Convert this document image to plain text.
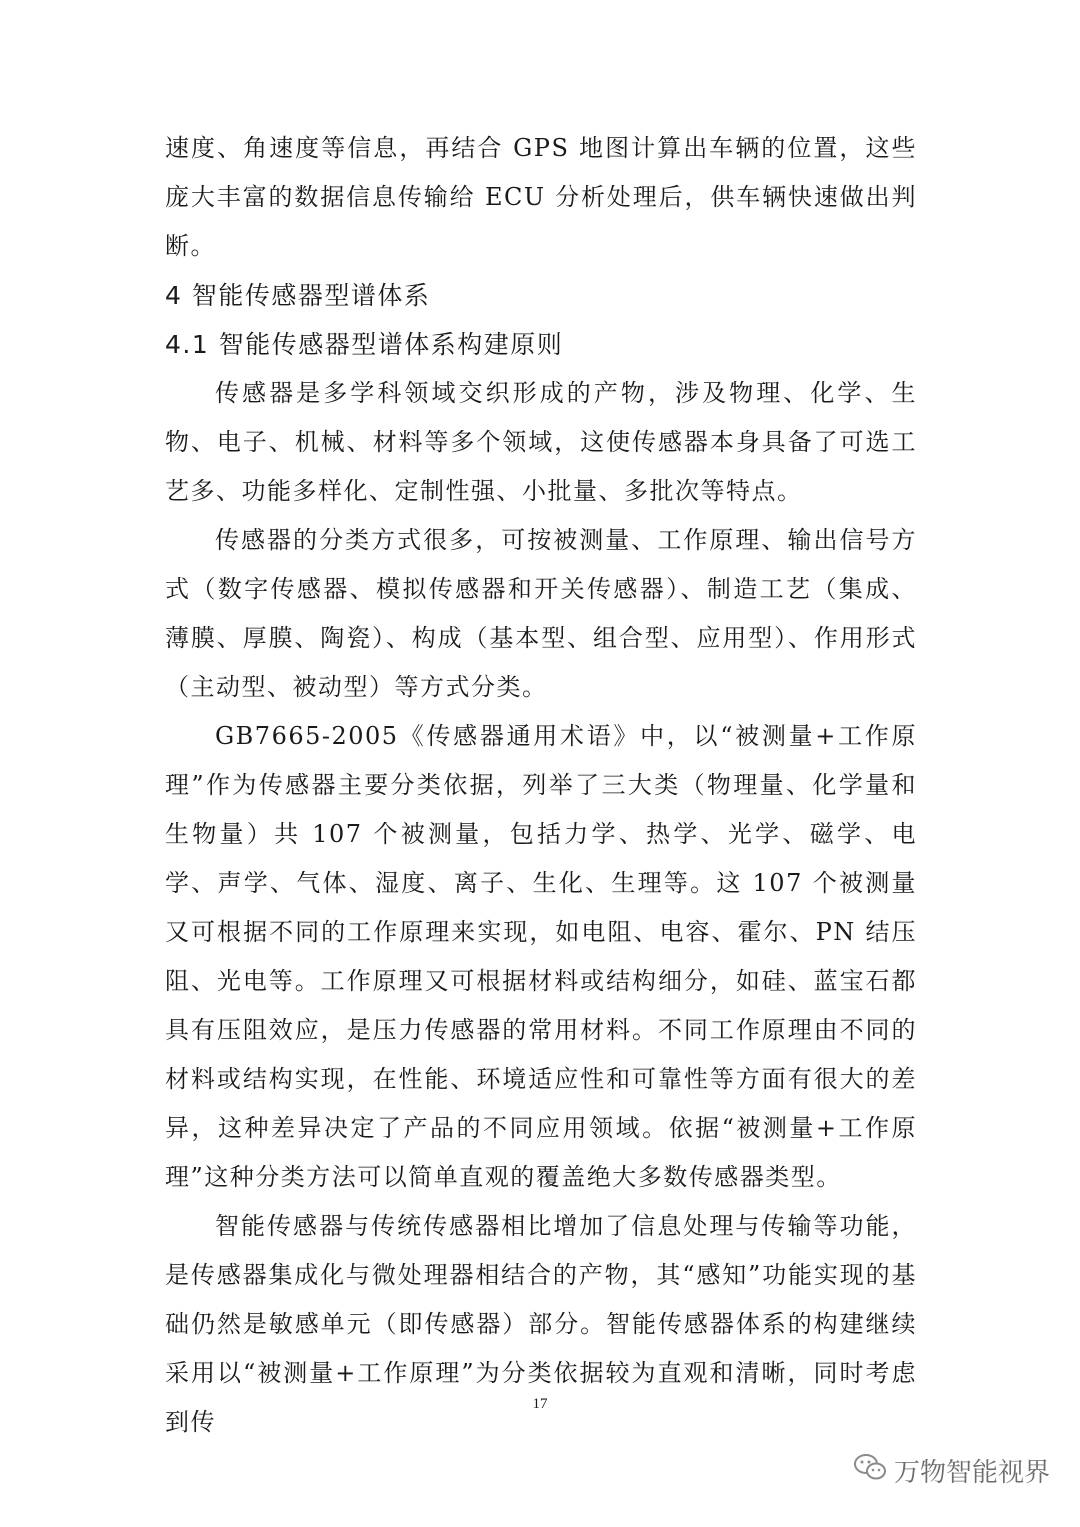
速度、角速度等信息，再结合 GPS 地图计算出车辆的位置，这些庞大丰富的数据信息传输给 ECU 分析处理后，供车辆快速做出判断。

4 智能传感器型谱体系

4.1 智能传感器型谱体系构建原则

传感器是多学科领域交织形成的产物，涉及物理、化学、生物、电子、机械、材料等多个领域，这使传感器本身具备了可选工艺多、功能多样化、定制性强、小批量、多批次等特点。

传感器的分类方式很多，可按被测量、工作原理、输出信号方式（数字传感器、模拟传感器和开关传感器）、制造工艺（集成、薄膜、厚膜、陶瓷）、构成（基本型、组合型、应用型）、作用形式（主动型、被动型）等方式分类。

GB7665-2005《传感器通用术语》中，以“被测量+工作原理”作为传感器主要分类依据，列举了三大类（物理量、化学量和生物量）共 107 个被测量，包括力学、热学、光学、磁学、电学、声学、气体、湿度、离子、生化、生理等。这 107 个被测量又可根据不同的工作原理来实现，如电阻、电容、霍尔、PN 结压阻、光电等。工作原理又可根据材料或结构细分，如硅、蓝宝石都具有压阻效应，是压力传感器的常用材料。不同工作原理由不同的材料或结构实现，在性能、环境适应性和可靠性等方面有很大的差异，这种差异决定了产品的不同应用领域。依据“被测量+工作原理”这种分类方法可以简单直观的覆盖绝大多数传感器类型。

智能传感器与传统传感器相比增加了信息处理与传输等功能，是传感器集成化与微处理器相结合的产物，其“感知”功能实现的基础仍然是敏感单元（即传感器）部分。智能传感器体系的构建继续采用以“被测量+工作原理”为分类依据较为直观和清晰，同时考虑到传

17
万物智能视界
